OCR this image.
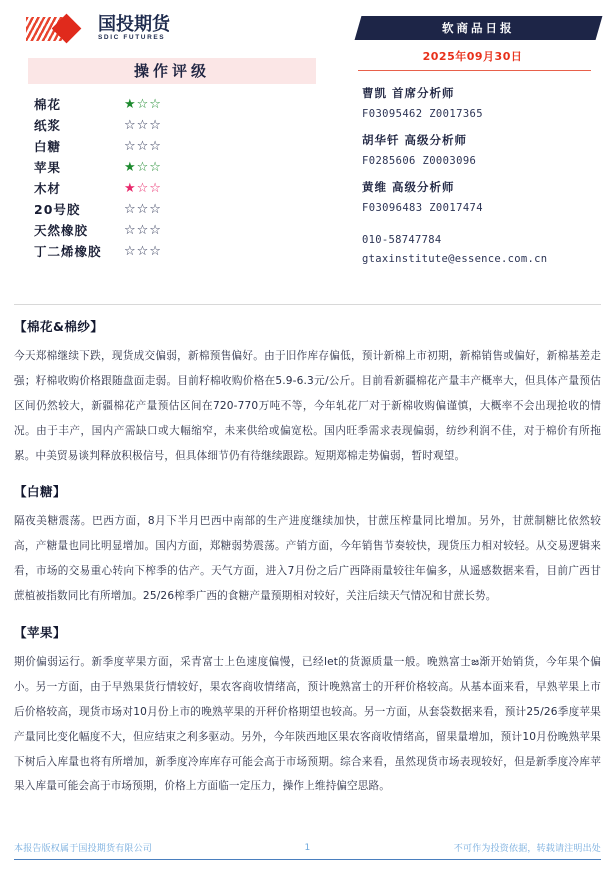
国投期货
SDIC FUTURES
操作评级
棉花	★☆☆
纸浆	☆☆☆
白糖	☆☆☆
苹果	★☆☆
木材	★☆☆
20号胶	☆☆☆
天然橡胶	☆☆☆
丁二烯橡胶	☆☆☆
软商品日报
2025年09月30日
曹凯 首席分析师
F03095462 Z0017365
胡华钎 高级分析师
F0285606 Z0003096
黄维 高级分析师
F03096483 Z0017474
010-58747784
gtaxinstitute@essence.com.cn
【棉花&棉纱】
今天郑棉继续下跌，现货成交偏弱，新棉预售偏好。由于旧作库存偏低，预计新棉上市初期，新棉销售或偏好，新棉基差走强；籽棉收购价格跟随盘面走弱。目前籽棉收购价格在5.9-6.3元/公斤。目前看新疆棉花产量丰产概率大，但具体产量预估区间仍然较大，新疆棉花产量预估区间在720-770万吨不等，今年轧花厂对于新棉收购偏谨慎，大概率不会出现抢收的情况。由于丰产，国内产需缺口或大幅缩窄，未来供给或偏宽松。国内旺季需求表现偏弱，纺纱利润不佳，对于棉价有所拖累。中美贸易谈判释放积极信号，但具体细节仍有待继续跟踪。短期郑棉走势偏弱，暂时观望。
【白糖】
隔夜美糖震荡。巴西方面，8月下半月巴西中南部的生产进度继续加快，甘蔗压榨量同比增加。另外，甘蔗制糖比依然较高，产糖量也同比明显增加。国内方面，郑糖弱势震荡。产销方面，今年销售节奏较快，现货压力相对较轻。从交易逻辑来看，市场的交易重心转向下榨季的估产。天气方面，进入7月份之后广西降雨量较往年偏多，从遥感数据来看，目前广西甘蔗植被指数同比有所增加。25/26榨季广西的食糖产量预期相对较好，关注后续天气情况和甘蔗长势。
【苹果】
期价偏弱运行。新季度苹果方面，采青富士上色速度偏慢，已经let的货源质量一般。晚熟富士జ渐开始销货，今年果个偏小。另一方面，由于早熟果货行情较好，果农客商收情绪高，预计晚熟富士的开秤价格较高。从基本面来看，早熟苹果上市后价格较高，现货市场对10月份上市的晚熟苹果的开秤价格期望也较高。另一方面，从套袋数据来看，预计25/26季度苹果产量同比变化幅度不大，但应结束之利多驱动。另外，今年陕西地区果农客商收情绪高，留果量增加，预计10月份晚熟苹果下树后入库量也将有所增加，新季度冷库库存可能会高于市场预期。综合来看，虽然现货市场表现较好，但是新季度冷库苹果入库量可能会高于市场预期，价格上方面临一定压力，操作上维持偏空思路。
本报告版权属于国投期货有限公司	1	不可作为投资依据，转载请注明出处
